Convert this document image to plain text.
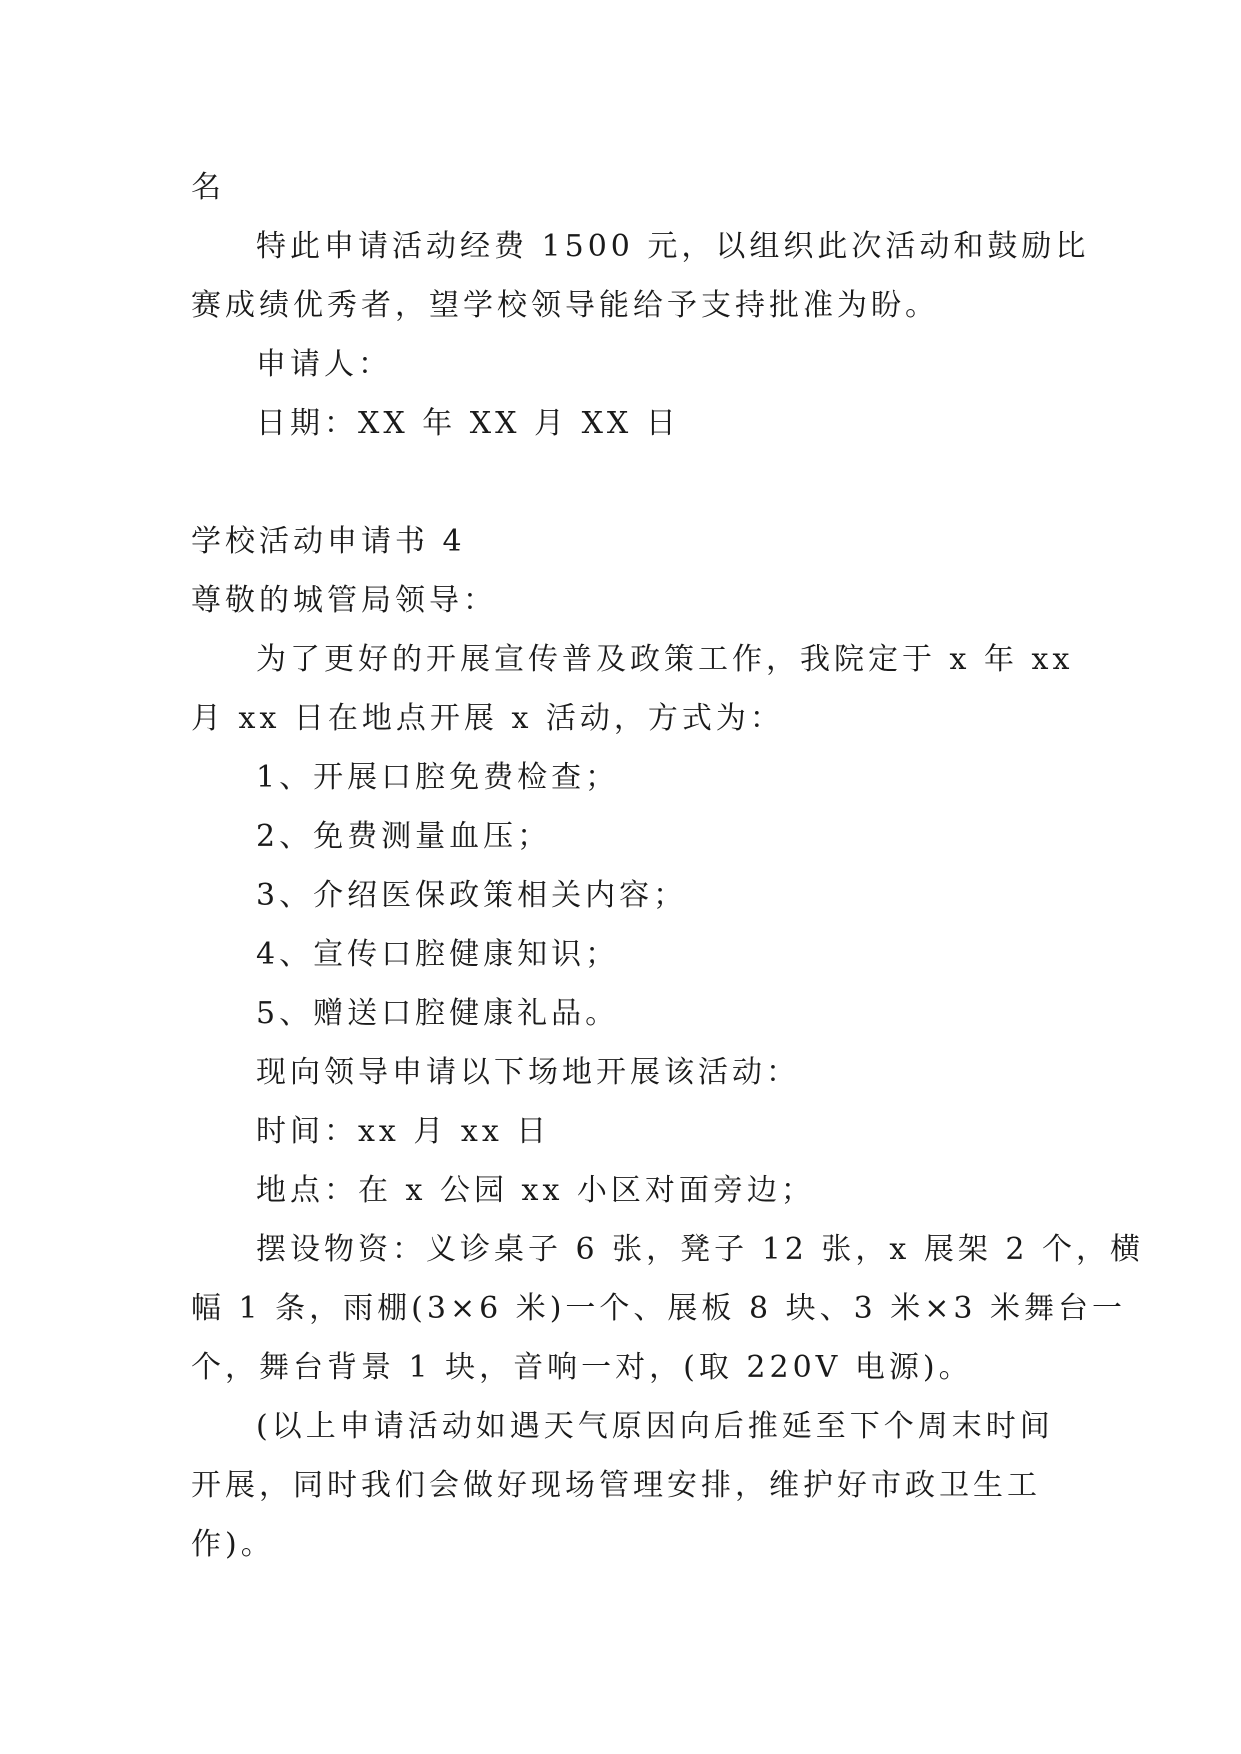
名
特此申请活动经费 1500 元，以组织此次活动和鼓励比
赛成绩优秀者，望学校领导能给予支持批准为盼。
申请人：
日期：XX 年 XX 月 XX 日
学校活动申请书 4
尊敬的城管局领导：
为了更好的开展宣传普及政策工作，我院定于 x 年 xx
月 xx 日在地点开展 x 活动，方式为：
1、开展口腔免费检查；
2、免费测量血压；
3、介绍医保政策相关内容；
4、宣传口腔健康知识；
5、赠送口腔健康礼品。
现向领导申请以下场地开展该活动：
时间：xx 月 xx 日
地点：在 x 公园 xx 小区对面旁边；
摆设物资：义诊桌子 6 张，凳子 12 张，x 展架 2 个，横
幅 1 条，雨棚(3×6 米)一个、展板 8 块、3 米×3 米舞台一
个，舞台背景 1 块，音响一对，(取 220V 电源)。
(以上申请活动如遇天气原因向后推延至下个周末时间
开展，同时我们会做好现场管理安排，维护好市政卫生工
作)。
